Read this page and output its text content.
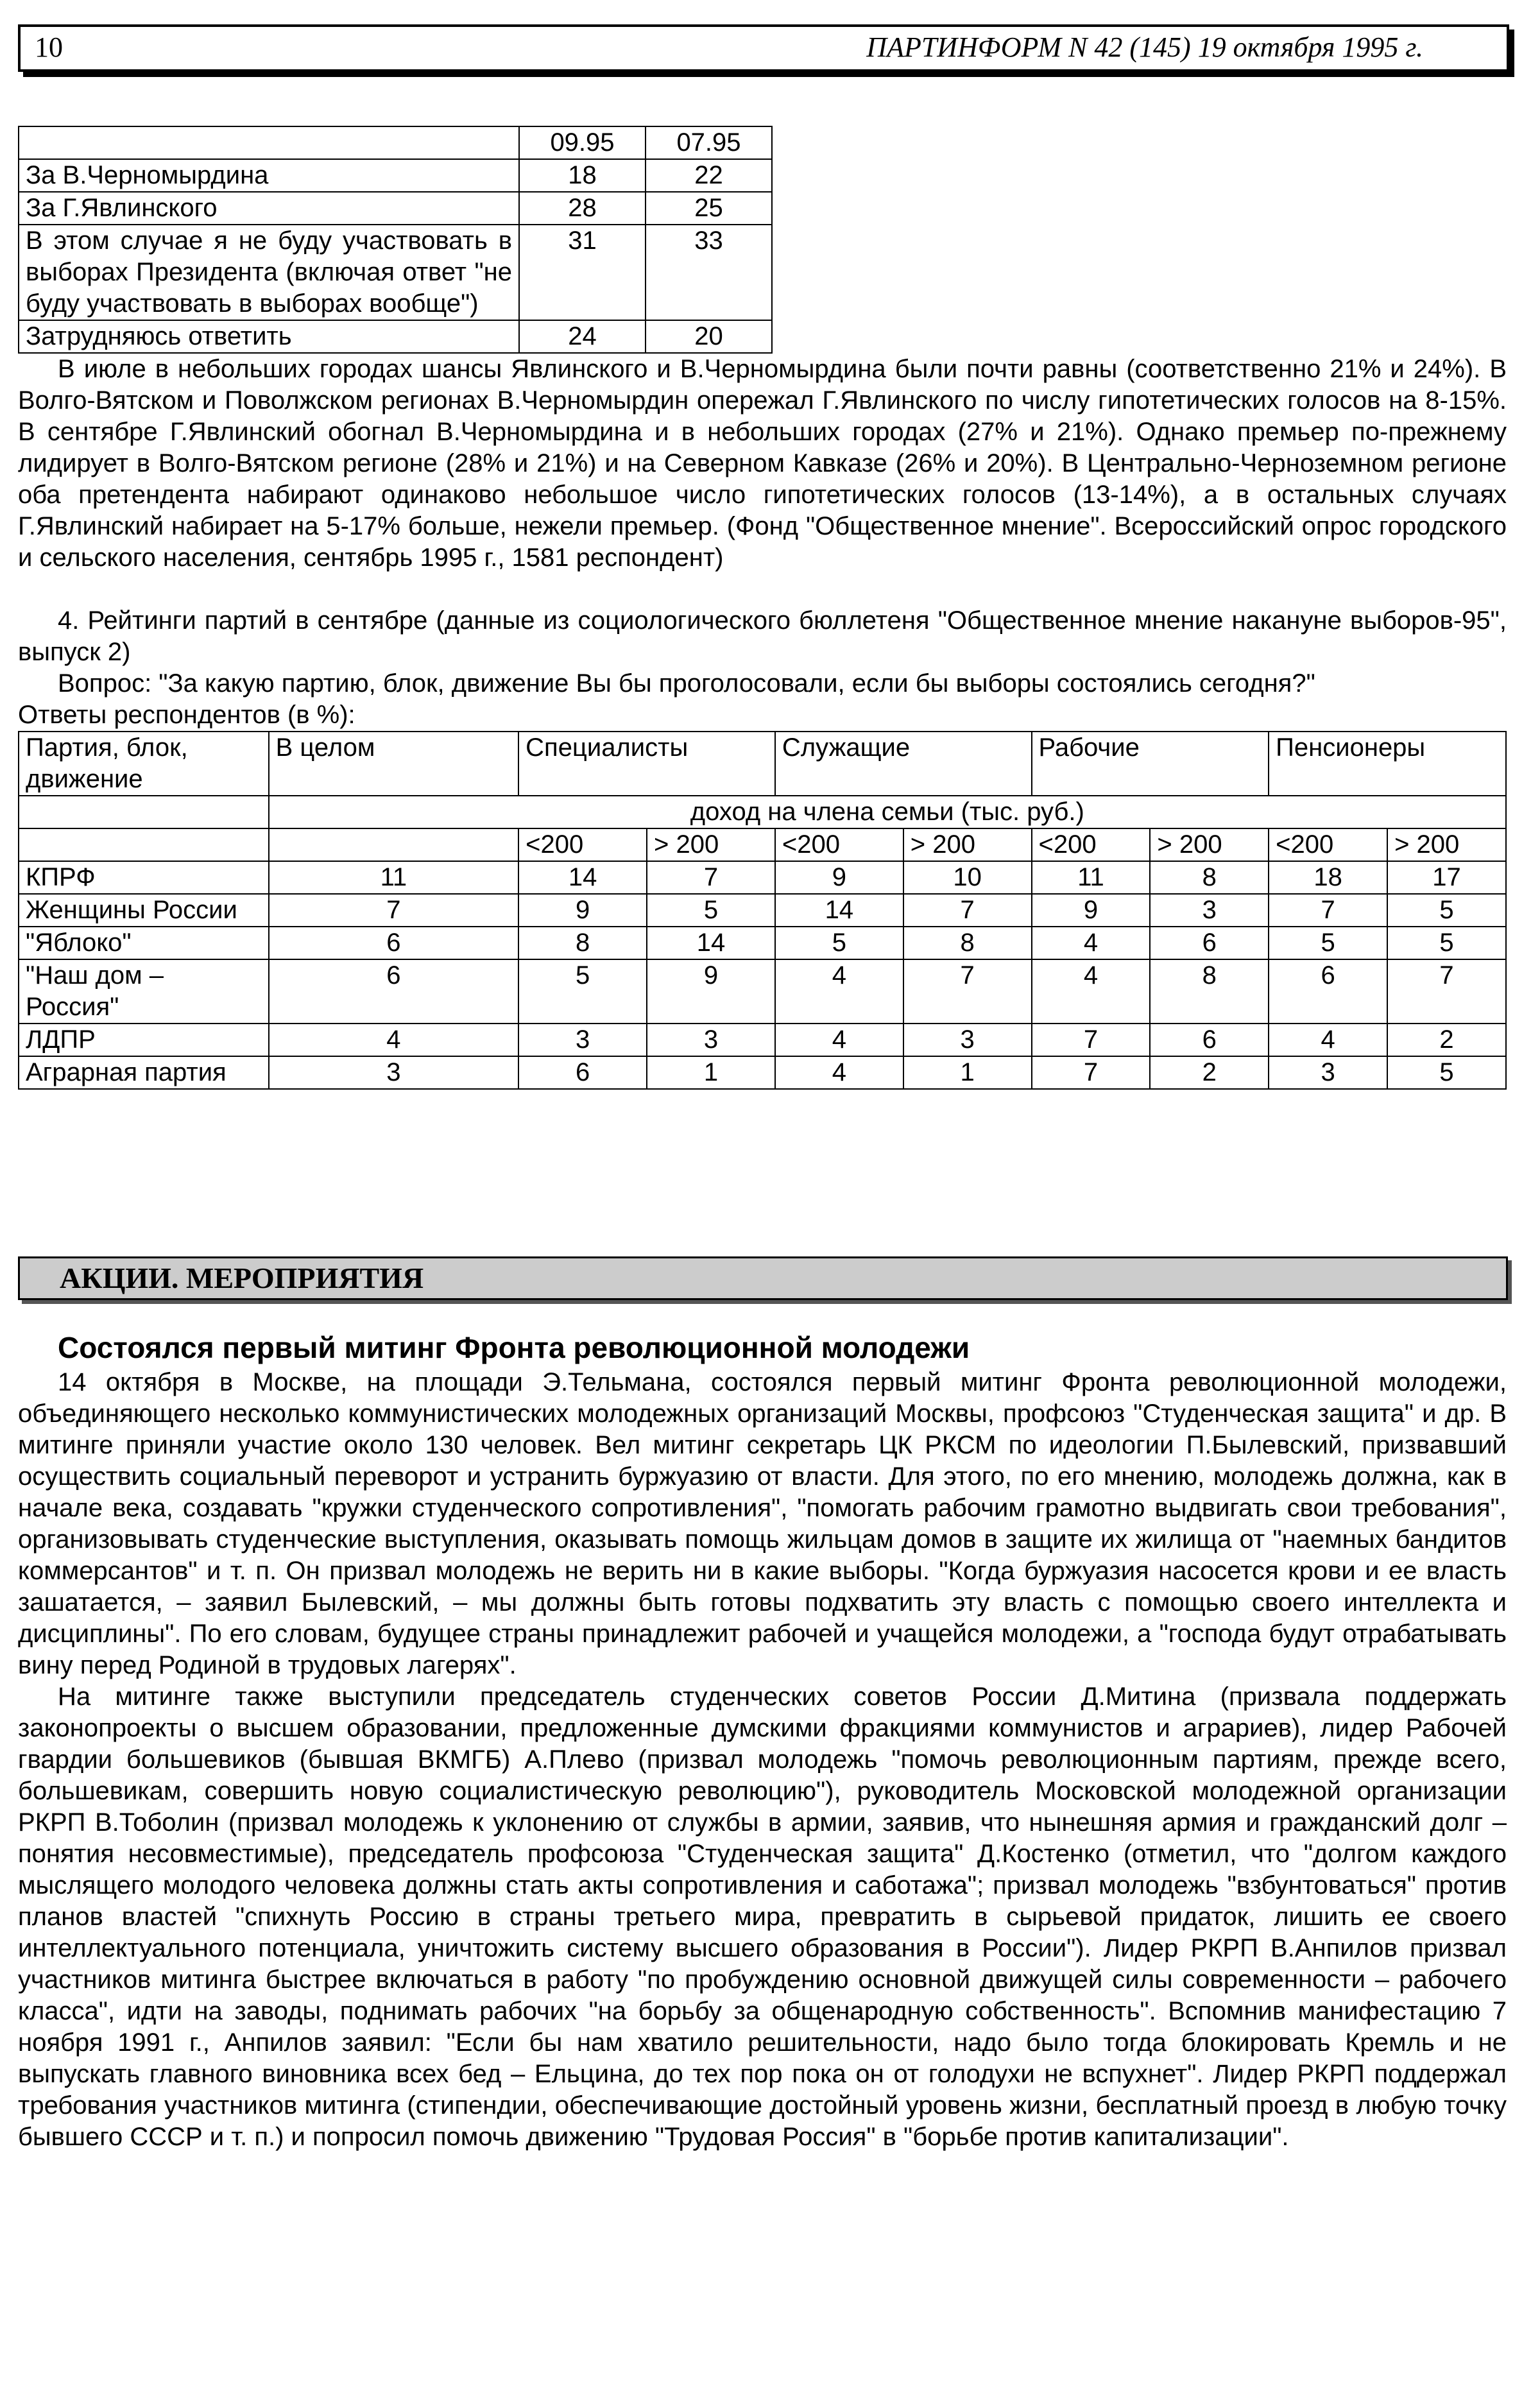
10	ПАРТИНФОРМ N 42 (145) 19 октября 1995 г.
	09.95	07.95
За В.Черномырдина	18	22
За Г.Явлинского	28	25
В этом случае я не буду участвовать в выборах Президента (включая ответ "не буду участвовать в выборах вообще")	31	33
Затрудняюсь ответить	24	20

В июле в небольших городах шансы Явлинского и В.Черномырдина были почти равны (соответственно 21% и 24%). В Волго-Вятском и Поволжском регионах В.Черномырдин опережал Г.Явлинского по числу гипотетических голосов на 8-15%. В сентябре Г.Явлинский обогнал В.Черномырдина и в небольших городах (27% и 21%). Однако премьер по-прежнему лидирует в Волго-Вятском регионе (28% и 21%) и на Северном Кавказе (26% и 20%). В Центрально-Черноземном регионе оба претендента набирают одинаково небольшое число гипотетических голосов (13-14%), а в остальных случаях Г.Явлинский набирает на 5-17% больше, нежели премьер. (Фонд "Общественное мнение". Всероссийский опрос городского и сельского населения, сентябрь 1995 г., 1581 респондент)

4. Рейтинги партий в сентябре (данные из социологического бюллетеня "Общественное мнение накануне выборов-95", выпуск 2)

Вопрос: "За какую партию, блок, движение Вы бы проголосовали, если бы выборы состоялись сегодня?"

Ответы респондентов (в %):

Партия, блок, движение	В целом	Специалисты		Служащие		Рабочие		Пенсионеры	
	доход на члена семьи (тыс. руб.)								
		<200	> 200	<200	> 200	<200	> 200	<200	> 200
КПРФ	11	14	7	9	10	11	8	18	17
Женщины России	7	9	5	14	7	9	3	7	5
"Яблоко"	6	8	14	5	8	4	6	5	5
"Наш дом – Россия"	6	5	9	4	7	4	8	6	7
ЛДПР	4	3	3	4	3	7	6	4	2
Аграрная партия	3	6	1	4	1	7	2	3	5
АКЦИИ. МЕРОПРИЯТИЯ
Состоялся первый митинг Фронта революционной молодежи

14 октября в Москве, на площади Э.Тельмана, состоялся первый митинг Фронта революционной молодежи, объединяющего несколько коммунистических молодежных организаций Москвы, профсоюз "Студенческая защита" и др. В митинге приняли участие около 130 человек. Вел митинг секретарь ЦК РКСМ по идеологии П.Былевский, призвавший осуществить социальный переворот и устранить буржуазию от власти. Для этого, по его мнению, молодежь должна, как в начале века, создавать "кружки студенческого сопротивления", "помогать рабочим грамотно выдвигать свои требования", организовывать студенческие выступления, оказывать помощь жильцам домов в защите их жилища от "наемных бандитов коммерсантов" и т. п. Он призвал молодежь не верить ни в какие выборы. "Когда буржуазия насосется крови и ее власть зашатается, – заявил Былевский, – мы должны быть готовы подхватить эту власть с помощью своего интеллекта и дисциплины". По его словам, будущее страны принадлежит рабочей и учащейся молодежи, а "господа будут отрабатывать вину перед Родиной в трудовых лагерях".

На митинге также выступили председатель студенческих советов России Д.Митина (призвала поддержать законопроекты о высшем образовании, предложенные думскими фракциями коммунистов и аграриев), лидер Рабочей гвардии большевиков (бывшая ВКМГБ) А.Плево (призвал молодежь "помочь революционным партиям, прежде всего, большевикам, совершить новую социалистическую революцию"), руководитель Московской молодежной организации РКРП В.Тоболин (призвал молодежь к уклонению от службы в армии, заявив, что нынешняя армия и гражданский долг – понятия несовместимые), председатель профсоюза "Студенческая защита" Д.Костенко (отметил, что "долгом каждого мыслящего молодого человека должны стать акты сопротивления и саботажа"; призвал молодежь "взбунтоваться" против планов властей "спихнуть Россию в страны третьего мира, превратить в сырьевой придаток, лишить ее своего интеллектуального потенциала, уничтожить систему высшего образования в России"). Лидер РКРП В.Анпилов призвал участников митинга быстрее включаться в работу "по пробуждению основной движущей силы современности – рабочего класса", идти на заводы, поднимать рабочих "на борьбу за общенародную собственность". Вспомнив манифестацию 7 ноября 1991 г., Анпилов заявил: "Если бы нам хватило решительности, надо было тогда блокировать Кремль и не выпускать главного виновника всех бед – Ельцина, до тех пор пока он от голодухи не вспухнет". Лидер РКРП поддержал требования участников митинга (стипендии, обеспечивающие достойный уровень жизни, бесплатный проезд в любую точку бывшего СССР и т. п.) и попросил помочь движению "Трудовая Россия" в "борьбе против капитализации".
